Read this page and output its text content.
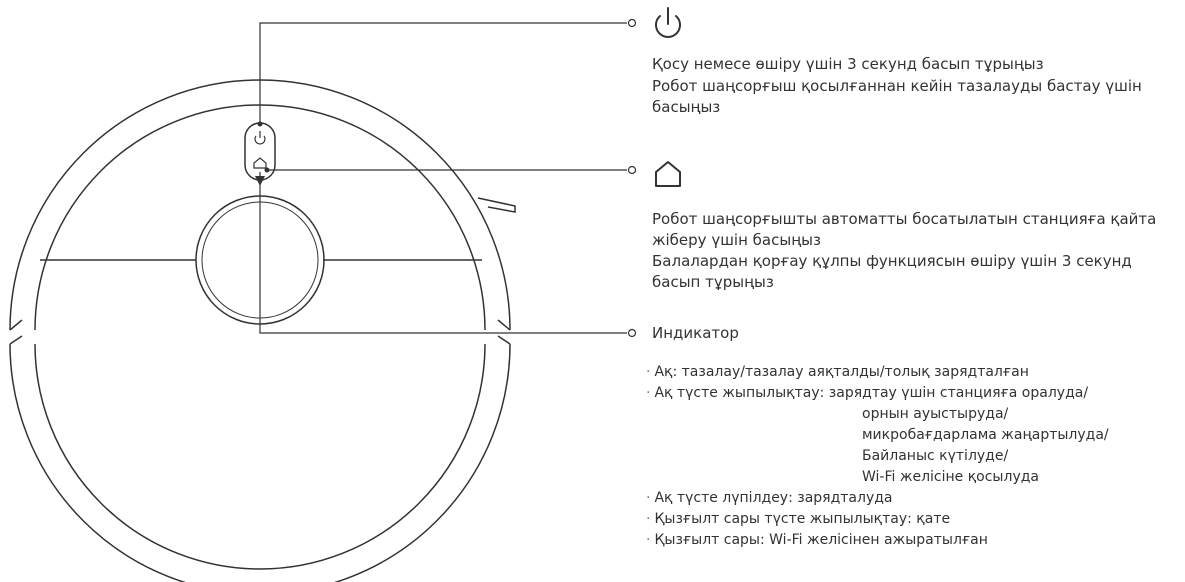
Қосу немесе өшіру үшін 3 секунд басып тұрыңыз
Робот шаңсорғыш қосылғаннан кейін тазалауды бастау үшін басыңыз
Робот шаңсорғышты автоматты босатылатын станцияға қайта жіберу үшін басыңыз
Балалардан қорғау құлпы функциясын өшіру үшін 3 секунд басып тұрыңыз
Индикатор
· Ақ: тазалау/тазалау аяқталды/толық зарядталған
· Ақ түсте жыпылықтау: зарядтау үшін станцияға оралуда/
орнын ауыстыруда/
микробағдарлама жаңартылуда/
Байланыс күтілуде/
Wi-Fi желісіне қосылуда
· Ақ түсте лүпілдеу: зарядталуда
· Қызғылт сары түсте жыпылықтау: қате
· Қызғылт сары: Wi-Fi желісінен ажыратылған
